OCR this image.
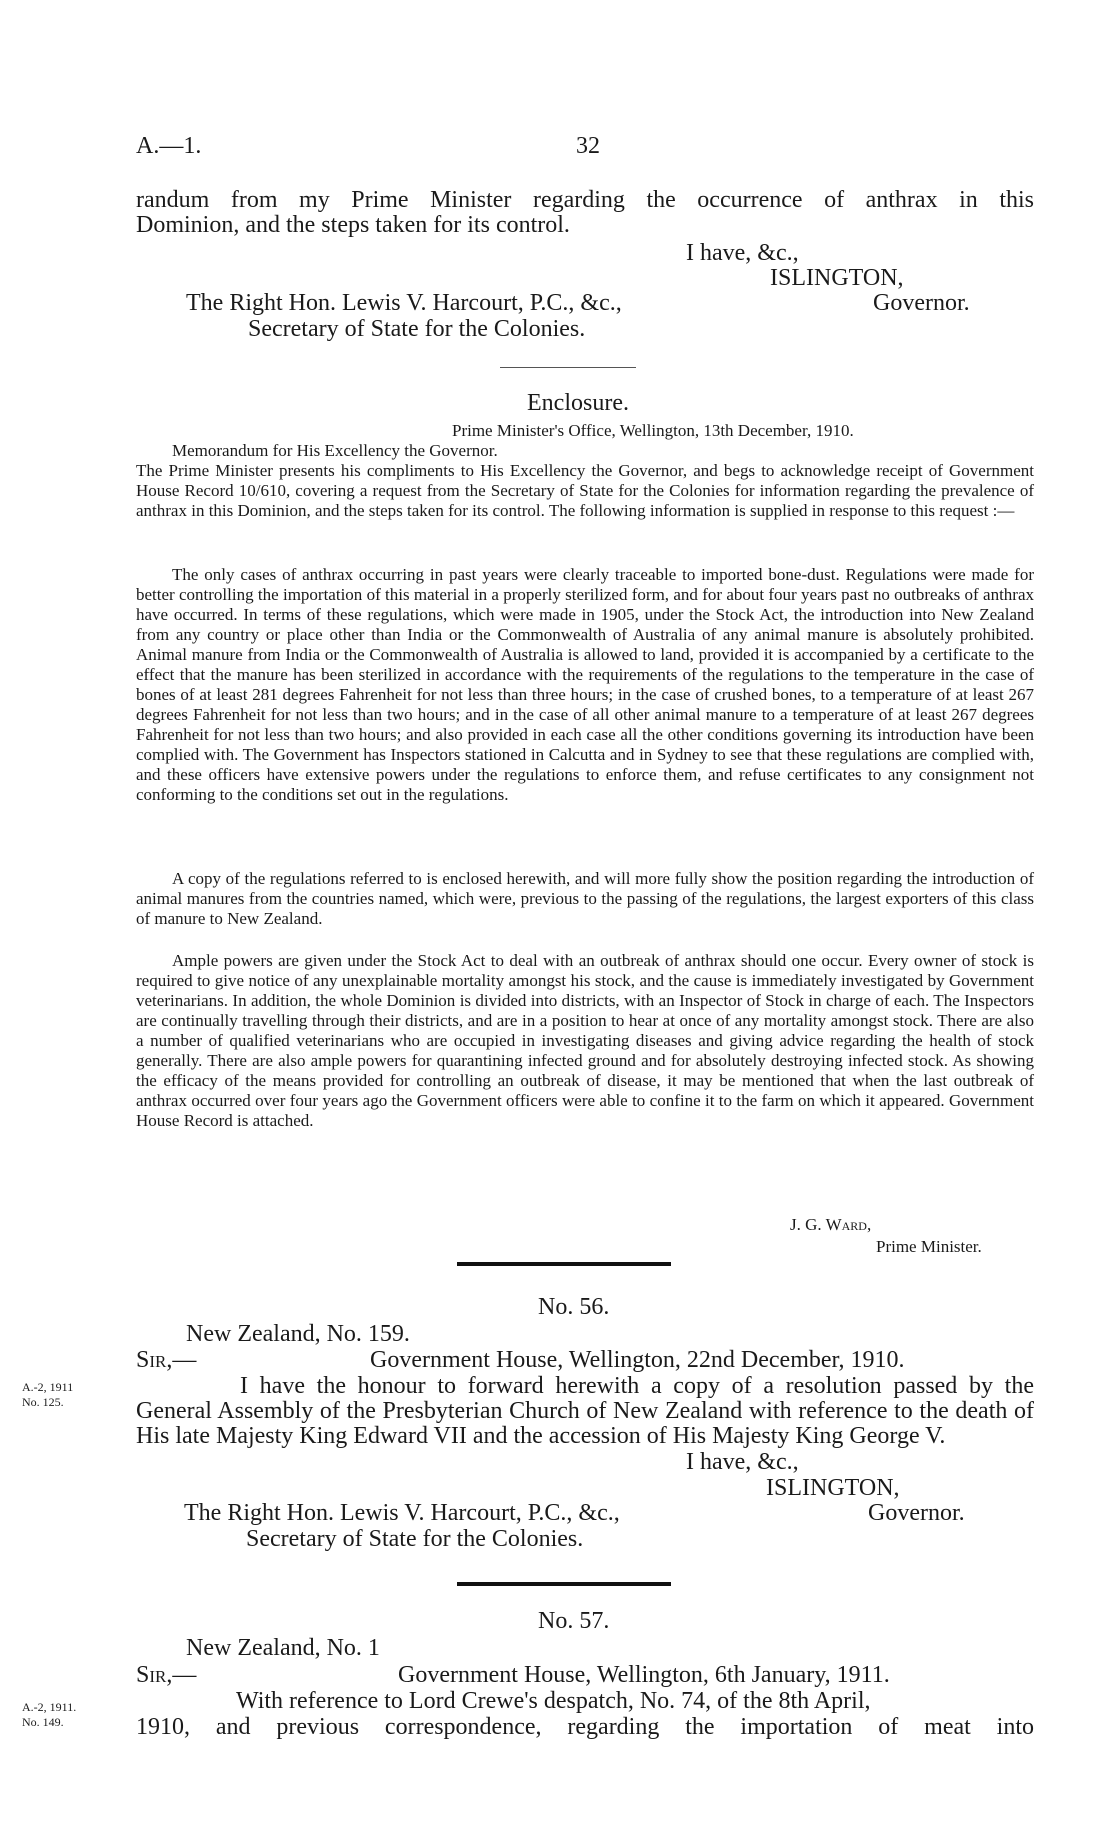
A.—1.	32
randum from my Prime Minister regarding the occurrence of anthrax in this
Dominion, and the steps taken for its control.
I have, &c.,
ISLINGTON,
The Right Hon. Lewis V. Harcourt, P.C., &c.,	Governor.
Secretary of State for the Colonies.
Enclosure.
Prime Minister's Office, Wellington, 13th December, 1910.
Memorandum for His Excellency the Governor.
The Prime Minister presents his compliments to His Excellency the Governor, and begs to acknowledge receipt of Government House Record 10/610, covering a request from the Secretary of State for the Colonies for information regarding the prevalence of anthrax in this Dominion, and the steps taken for its control. The following information is supplied in response to this request :—
The only cases of anthrax occurring in past years were clearly traceable to imported bone-dust. Regulations were made for better controlling the importation of this material in a properly sterilized form, and for about four years past no outbreaks of anthrax have occurred. In terms of these regulations, which were made in 1905, under the Stock Act, the introduction into New Zealand from any country or place other than India or the Commonwealth of Australia of any animal manure is absolutely prohibited. Animal manure from India or the Commonwealth of Australia is allowed to land, provided it is accompanied by a certificate to the effect that the manure has been sterilized in accordance with the requirements of the regulations to the temperature in the case of bones of at least 281 degrees Fahrenheit for not less than three hours; in the case of crushed bones, to a temperature of at least 267 degrees Fahrenheit for not less than two hours; and in the case of all other animal manure to a temperature of at least 267 degrees Fahrenheit for not less than two hours; and also provided in each case all the other conditions governing its introduction have been complied with. The Government has Inspectors stationed in Calcutta and in Sydney to see that these regulations are complied with, and these officers have extensive powers under the regulations to enforce them, and refuse certificates to any consignment not conforming to the conditions set out in the regulations.
A copy of the regulations referred to is enclosed herewith, and will more fully show the position regarding the introduction of animal manures from the countries named, which were, previous to the passing of the regulations, the largest exporters of this class of manure to New Zealand.
Ample powers are given under the Stock Act to deal with an outbreak of anthrax should one occur. Every owner of stock is required to give notice of any unexplainable mortality amongst his stock, and the cause is immediately investigated by Government veterinarians. In addition, the whole Dominion is divided into districts, with an Inspector of Stock in charge of each. The Inspectors are continually travelling through their districts, and are in a position to hear at once of any mortality amongst stock. There are also a number of qualified veterinarians who are occupied in investigating diseases and giving advice regarding the health of stock generally. There are also ample powers for quarantining infected ground and for absolutely destroying infected stock. As showing the efficacy of the means provided for controlling an outbreak of disease, it may be mentioned that when the last outbreak of anthrax occurred over four years ago the Government officers were able to confine it to the farm on which it appeared. Government House Record is attached.
J. G. Ward,
Prime Minister.
No. 56.
New Zealand, No. 159.
Sir,—	Government House, Wellington, 22nd December, 1910.
I have the honour to forward herewith a copy of a resolution passed by the General Assembly of the Presbyterian Church of New Zealand with reference to the death of His late Majesty King Edward VII and the accession of His Majesty King George V.
A.-2, 1911
No. 125.
I have, &c.,
ISLINGTON,
The Right Hon. Lewis V. Harcourt, P.C., &c.,	Governor.
Secretary of State for the Colonies.
No. 57.
New Zealand, No. 1
Sir,—	Government House, Wellington, 6th January, 1911.
With reference to Lord Crewe's despatch, No. 74, of the 8th April,
1910, and previous correspondence, regarding the importation of meat into
A.-2, 1911.
No. 149.
